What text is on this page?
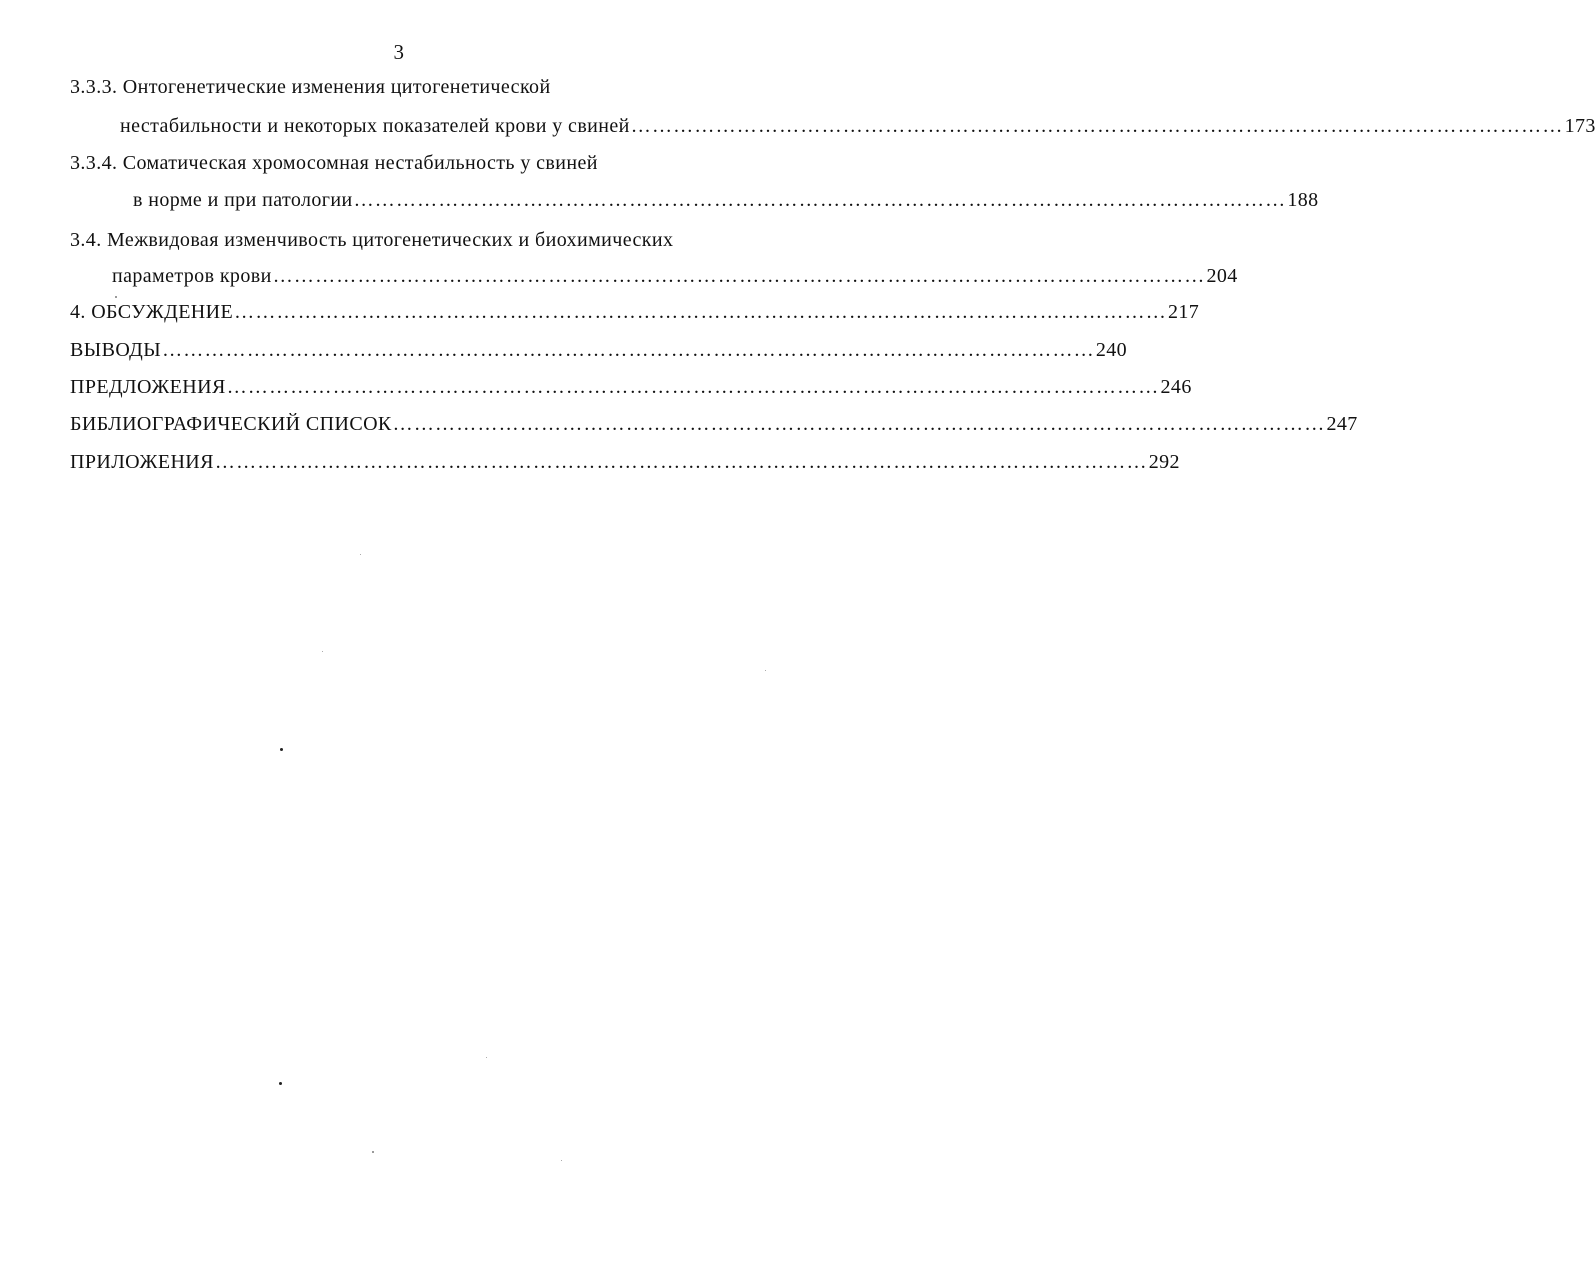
3
3.3.3. Онтогенетические изменения цитогенетической
нестабильности и некоторых показателей крови у свиней …………………………………………………………………………………………………………………… 173
3.3.4. Соматическая хромосомная нестабильность у свиней
в норме и при патологии …………………………………………………………………………………………………………………… 188
3.4. Межвидовая изменчивость цитогенетических и биохимических
параметров крови …………………………………………………………………………………………………………………… 204
4. ОБСУЖДЕНИЕ …………………………………………………………………………………………………………………… 217
ВЫВОДЫ …………………………………………………………………………………………………………………… 240
ПРЕДЛОЖЕНИЯ …………………………………………………………………………………………………………………… 246
БИБЛИОГРАФИЧЕСКИЙ СПИСОК …………………………………………………………………………………………………………………… 247
ПРИЛОЖЕНИЯ …………………………………………………………………………………………………………………… 292
